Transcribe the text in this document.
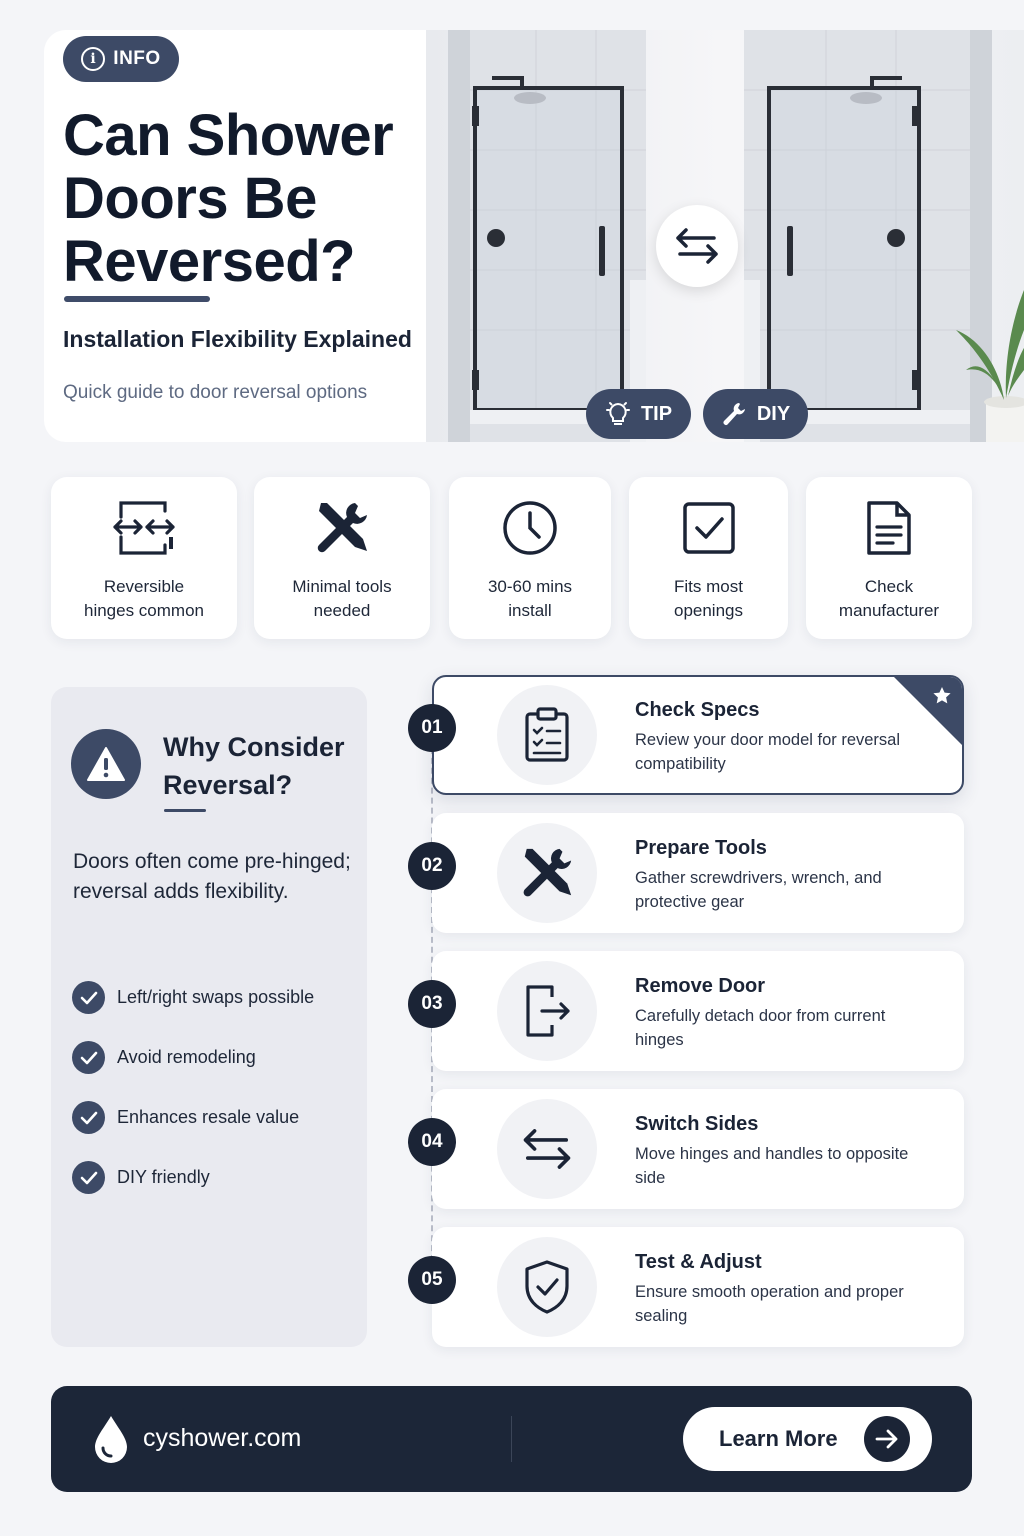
i INFO
Can Shower Doors Be Reversed?
Installation Flexibility Explained
Quick guide to door reversal options
TIP	DIY
Reversible
hinges common
Minimal tools
needed
30-60 mins
install
Fits most
openings
Check
manufacturer
Why Consider Reversal?
Doors often come pre-hinged; reversal adds flexibility.
Left/right swaps possible
Avoid remodeling
Enhances resale value
DIY friendly
01
Check Specs
Review your door model for reversal compatibility
02
Prepare Tools
Gather screwdrivers, wrench, and protective gear
03
Remove Door
Carefully detach door from current hinges
04
Switch Sides
Move hinges and handles to opposite side
05
Test & Adjust
Ensure smooth operation and proper sealing
cyshower.com	Learn More
